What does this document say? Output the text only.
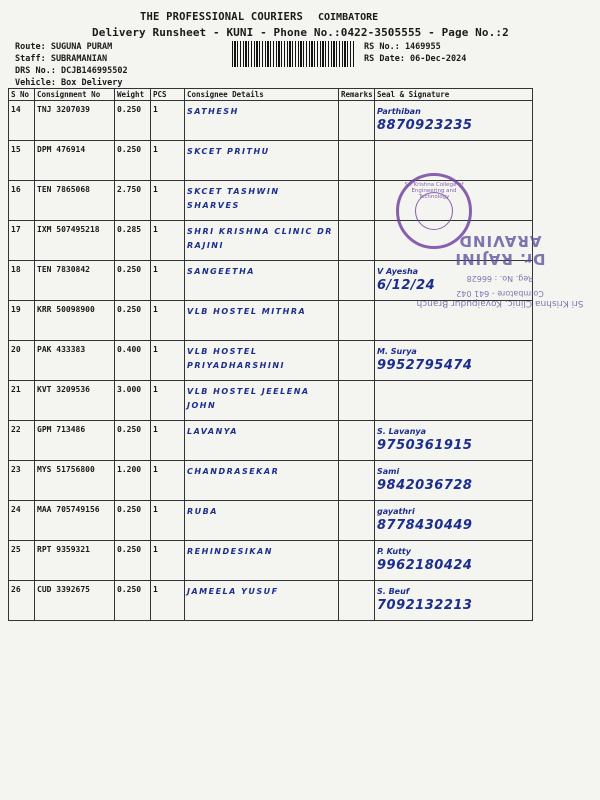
THE PROFESSIONAL COURIERS COIMBATORE
Delivery Runsheet - KUNI - Phone No.:0422-3505555 - Page No.:2
Route: SUGUNA PURAM
Staff: SUBRAMANIAN
DRS No.: DCJB146995502
Vehicle: Box Delivery
RS No.: 1469955
RS Date: 06-Dec-2024
S No	Consignment No	Weight	PCS	Consignee Details	Remarks	Seal & Signature
14	TNJ 3207039	0.250	1	SATHESH		Parthiban
8870923235

15	DPM 476914	0.250	1	SKCET PRITHU		

16	TEN 7865068	2.750	1	SKCET TASHWIN SHARVES		

17	IXM 507495218	0.285	1	SHRI KRISHNA CLINIC DR RAJINI		

18	TEN 7830842	0.250	1	SANGEETHA		V Ayesha
6/12/24

19	KRR 50098900	0.250	1	VLB HOSTEL MITHRA		

20	PAK 433383	0.400	1	VLB HOSTEL PRIYADHARSHINI		M. Surya
9952795474

21	KVT 3209536	3.000	1	VLB HOSTEL JEELENA JOHN		

22	GPM 713486	0.250	1	LAVANYA		S. Lavanya
9750361915

23	MYS 51756800	1.200	1	CHANDRASEKAR		Sami
9842036728

24	MAA 705749156	0.250	1	RUBA		gayathri
8778430449

25	RPT 9359321	0.250	1	REHINDESIKAN		P. Kutty
9962180424

26	CUD 3392675	0.250	1	JAMEELA YUSUF		S. Beuf
7092132213
Sri Krishna College of Engineering and Technology
Sri Krishna Clinic, Kovaipudur Branch
Coimbatore - 641 042
Reg. No. : 66628
Dr. RAJINI ARAVIND
